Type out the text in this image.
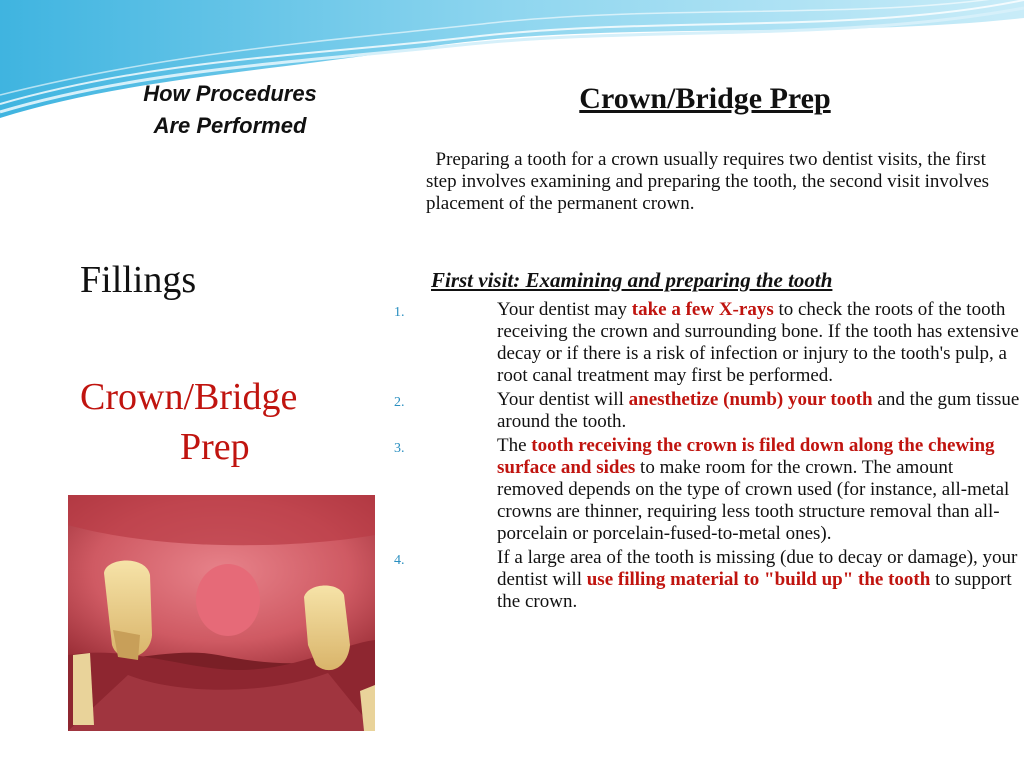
How Procedures
Are Performed
Fillings
Crown/Bridge
Prep
Crown/Bridge Prep
Preparing a tooth for a crown usually requires two dentist visits, the first step involves examining and preparing the tooth, the second visit involves placement of the permanent crown.
First visit: Examining and preparing the tooth
1.	Your dentist may take a few X-rays to check the roots of the tooth receiving the crown and surrounding bone. If the tooth has extensive decay or if there is a risk of infection or injury to the tooth's pulp, a root canal treatment may first be performed.
2.	Your dentist will anesthetize (numb) your tooth and the gum tissue around the tooth.
3.	The tooth receiving the crown is filed down along the chewing surface and sides to make room for the crown. The amount removed depends on the type of crown used (for instance, all-metal crowns are thinner, requiring less tooth structure removal than all-porcelain or porcelain-fused-to-metal ones).
4.	If a large area of the tooth is missing (due to decay or damage), your dentist will use filling material to "build up" the tooth to support the crown.
